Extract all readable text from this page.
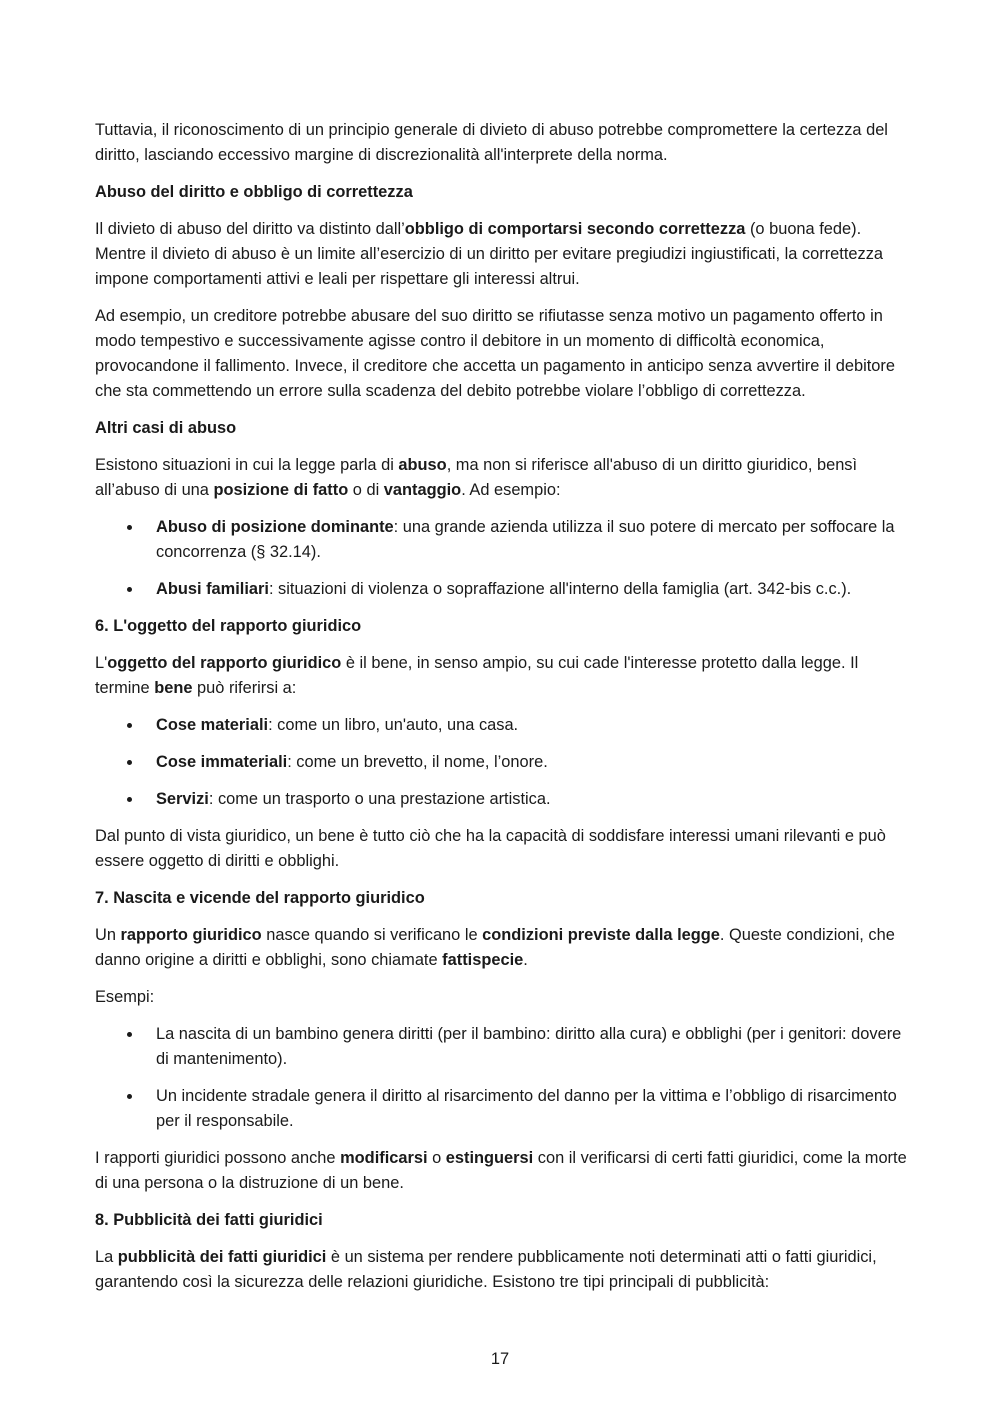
Tuttavia, il riconoscimento di un principio generale di divieto di abuso potrebbe compromettere la certezza del diritto, lasciando eccessivo margine di discrezionalità all'interprete della norma.

Abuso del diritto e obbligo di correttezza

Il divieto di abuso del diritto va distinto dall’obbligo di comportarsi secondo correttezza (o buona fede). Mentre il divieto di abuso è un limite all’esercizio di un diritto per evitare pregiudizi ingiustificati, la correttezza impone comportamenti attivi e leali per rispettare gli interessi altrui.

Ad esempio, un creditore potrebbe abusare del suo diritto se rifiutasse senza motivo un pagamento offerto in modo tempestivo e successivamente agisse contro il debitore in un momento di difficoltà economica, provocandone il fallimento. Invece, il creditore che accetta un pagamento in anticipo senza avvertire il debitore che sta commettendo un errore sulla scadenza del debito potrebbe violare l’obbligo di correttezza.

Altri casi di abuso

Esistono situazioni in cui la legge parla di abuso, ma non si riferisce all'abuso di un diritto giuridico, bensì all’abuso di una posizione di fatto o di vantaggio. Ad esempio:

Abuso di posizione dominante: una grande azienda utilizza il suo potere di mercato per soffocare la concorrenza (§ 32.14).
Abusi familiari: situazioni di violenza o sopraffazione all'interno della famiglia (art. 342-bis c.c.).
6. L'oggetto del rapporto giuridico

L'oggetto del rapporto giuridico è il bene, in senso ampio, su cui cade l'interesse protetto dalla legge. Il termine bene può riferirsi a:

Cose materiali: come un libro, un'auto, una casa.
Cose immateriali: come un brevetto, il nome, l’onore.
Servizi: come un trasporto o una prestazione artistica.

Dal punto di vista giuridico, un bene è tutto ciò che ha la capacità di soddisfare interessi umani rilevanti e può essere oggetto di diritti e obblighi.

7. Nascita e vicende del rapporto giuridico

Un rapporto giuridico nasce quando si verificano le condizioni previste dalla legge. Queste condizioni, che danno origine a diritti e obblighi, sono chiamate fattispecie.

Esempi:

La nascita di un bambino genera diritti (per il bambino: diritto alla cura) e obblighi (per i genitori: dovere di mantenimento).
Un incidente stradale genera il diritto al risarcimento del danno per la vittima e l’obbligo di risarcimento per il responsabile.

I rapporti giuridici possono anche modificarsi o estinguersi con il verificarsi di certi fatti giuridici, come la morte di una persona o la distruzione di un bene.

8. Pubblicità dei fatti giuridici

La pubblicità dei fatti giuridici è un sistema per rendere pubblicamente noti determinati atti o fatti giuridici, garantendo così la sicurezza delle relazioni giuridiche. Esistono tre tipi principali di pubblicità:

17
